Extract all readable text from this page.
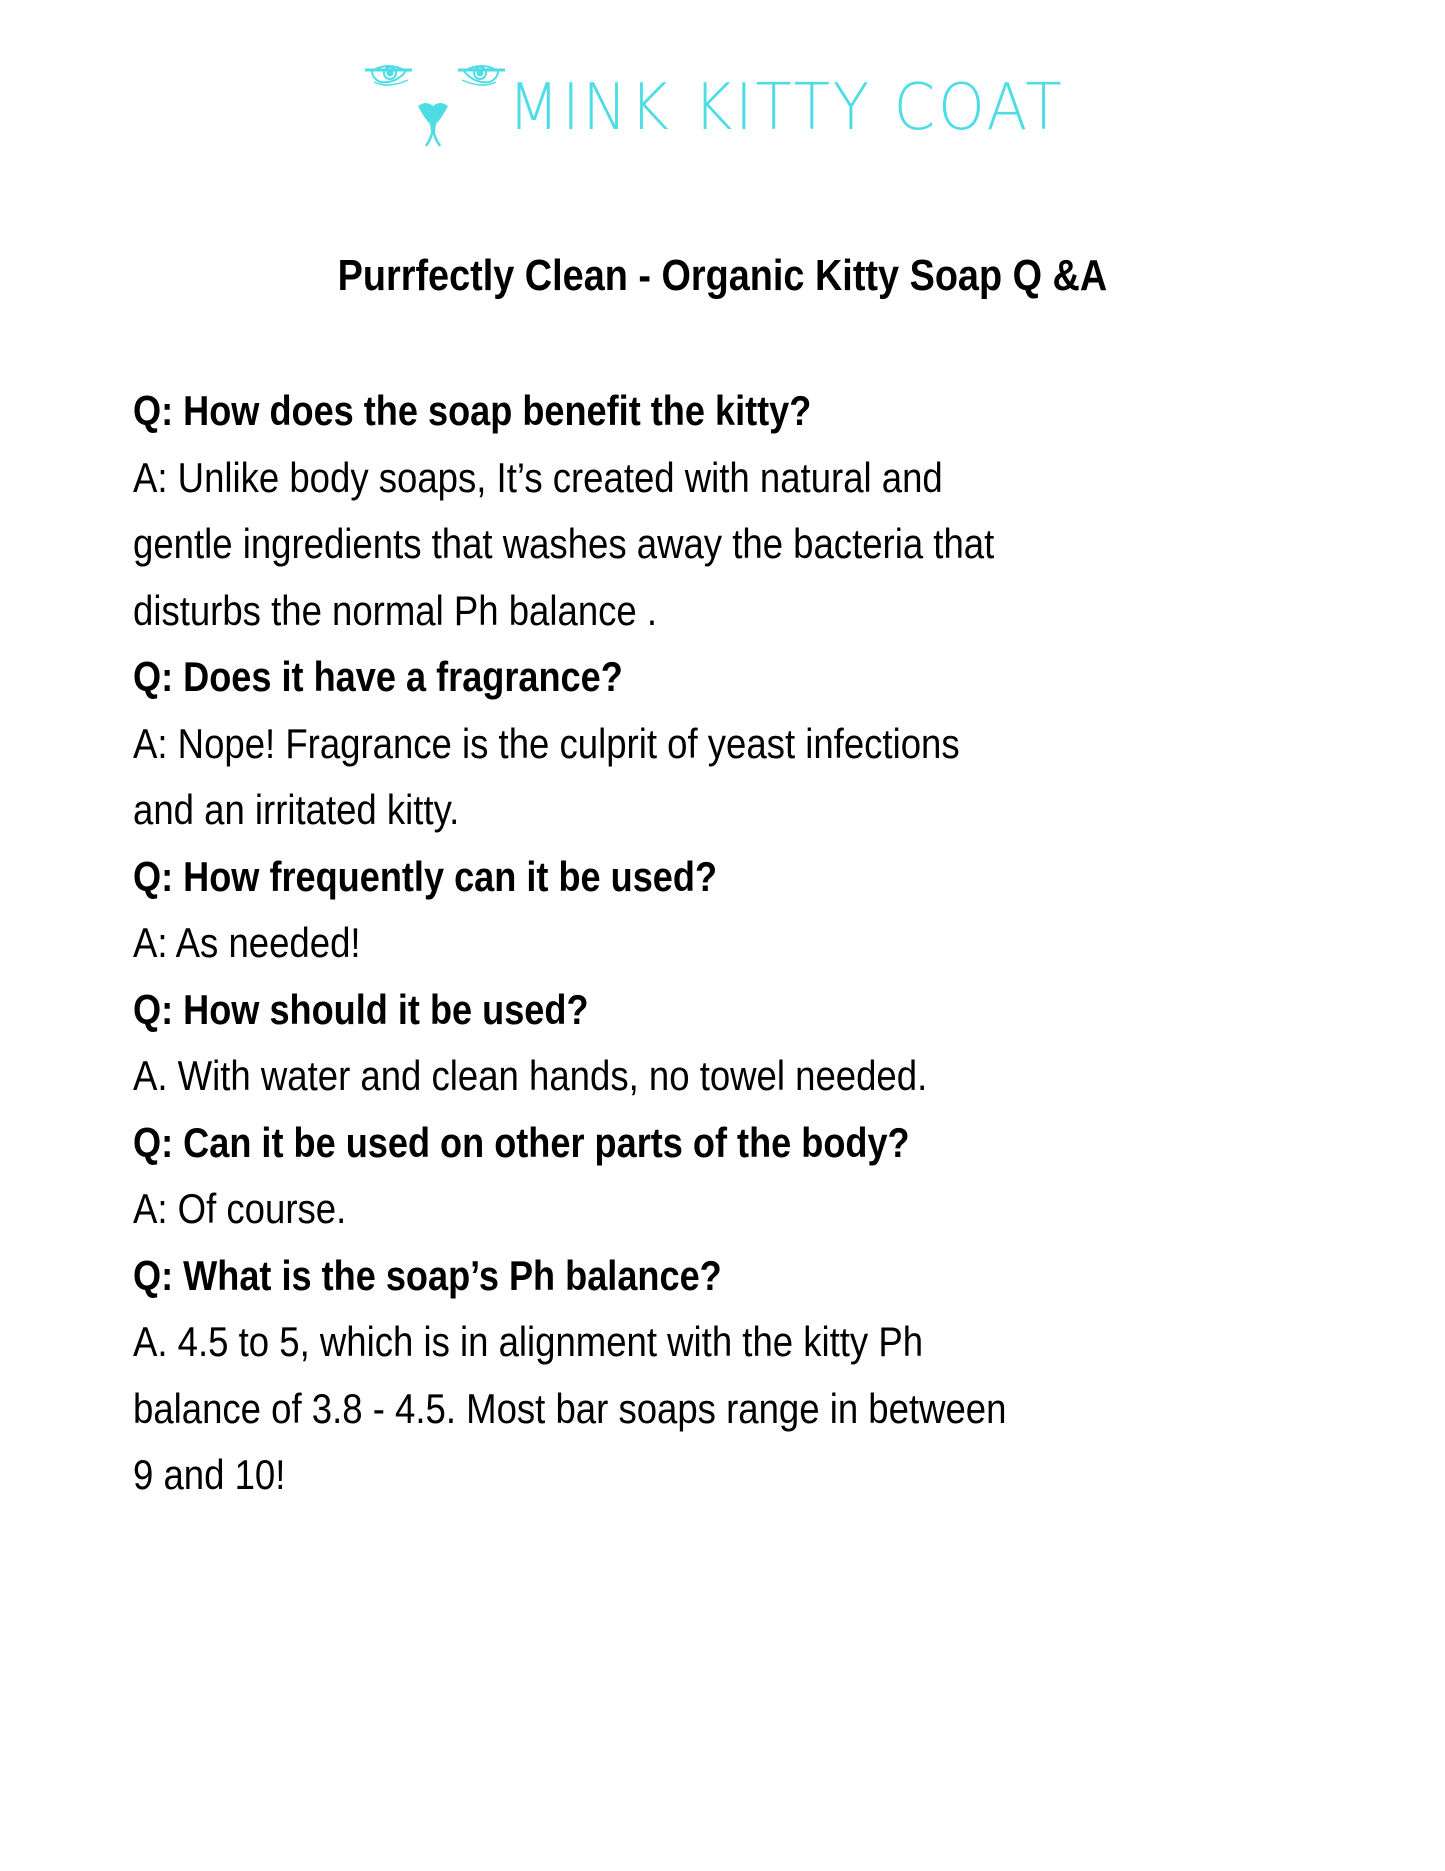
MINK KITTY COAT
Purrfectly Clean - Organic Kitty Soap Q &A
Q: How does the soap benefit the kitty?
A: Unlike body soaps, It’s created with natural and
gentle ingredients that washes away the bacteria that
disturbs the normal Ph balance .
Q: Does it have a fragrance?
A: Nope! Fragrance is the culprit of yeast infections
and an irritated kitty.
Q: How frequently can it be used?
A: As needed!
Q: How should it be used?
A. With water and clean hands, no towel needed.
Q: Can it be used on other parts of the body?
A: Of course.
Q: What is the soap’s Ph balance?
A. 4.5 to 5, which is in alignment with the kitty Ph
balance of 3.8 - 4.5. Most bar soaps range in between
9 and 10!
